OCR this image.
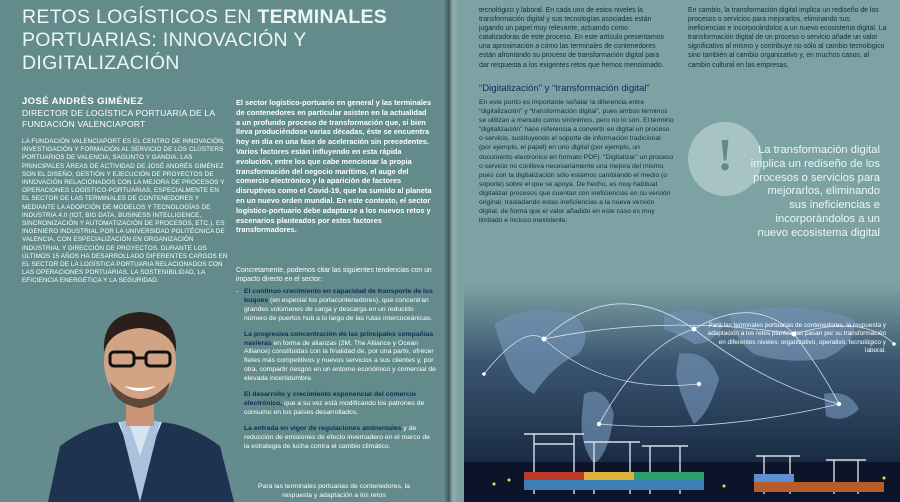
RETOS LOGÍSTICOS EN TERMINALES PORTUARIAS: INNOVACIÓN Y DIGITALIZACIÓN
JOSÉ ANDRÉS GIMÉNEZ
DIRECTOR DE LOGÍSTICA PORTUARIA DE LA FUNDACIÓN VALENCIAPORT
LA FUNDACIÓN VALENCIAPORT ES EL CENTRO DE INNOVACIÓN, INVESTIGACIÓN Y FORMACIÓN AL SERVICIO DE LOS CLÚSTERS PORTUARIOS DE VALENCIA, SAGUNTO Y GANDIA. LAS PRINCIPALES ÁREAS DE ACTIVIDAD DE JOSÉ ANDRÉS GIMÉNEZ SON EL DISEÑO, GESTIÓN Y EJECUCIÓN DE PROYECTOS DE INNOVACIÓN RELACIONADOS CON LA MEJORA DE PROCESOS Y OPERACIONES LOGÍSTICO-PORTUARIAS, ESPECIALMENTE EN EL SECTOR DE LAS TERMINALES DE CONTENEDORES Y MEDIANTE LA ADOPCIÓN DE MODELOS Y TECNOLOGÍAS DE INDUSTRIA 4.0 (IOT, BIG DATA, BUSINESS INTELLIGENCE, SINCRONIZACIÓN Y AUTOMATIZACIÓN DE PROCESOS, ETC.). ES INGENIERO INDUSTRIAL POR LA UNIVERSIDAD POLITÉCNICA DE VALENCIA, CON ESPECIALIZACIÓN EN ORGANIZACIÓN INDUSTRIAL Y DIRECCIÓN DE PROYECTOS. DURANTE LOS ÚLTIMOS 15 AÑOS HA DESARROLLADO DIFERENTES CARGOS EN EL SECTOR DE LA LOGÍSTICA PORTUARIA RELACIONADOS CON LAS OPERACIONES PORTUARIAS, LA SOSTENIBILIDAD, LA EFICIENCIA ENERGÉTICA Y LA SEGURIDAD.
El sector logístico-portuario en general y las terminales de contenedores en particular asisten en la actualidad a un profundo proceso de transformación que, si bien lleva produciéndose varias décadas, éste se encuentra hoy en día en una fase de aceleración sin precedentes. Varios factores están influyendo en esta rápida evolución, entre los que cabe mencionar la propia transformación del negocio marítimo, el auge del comercio electrónico y la aparición de factores disruptivos como el Covid-19, que ha sumido al planeta en un nuevo orden mundial. En este contexto, el sector logístico-portuario debe adaptarse a los nuevos retos y escenarios planteados por estos factores transformadores.
Concretamente, podemos citar las siguientes tendencias con un impacto directo en el sector:
- El continuo crecimiento en capacidad de transporte de los buques (en especial los portacontenedores), que concentran grandes volúmenes de carga y descarga en un reducido número de puertos hub a lo largo de las rutas intercoceánicas.
- La progresiva concentración de las principales compañías navieras en forma de alianzas (2M, The Alliance y Ocean Alliance) constituidas con la finalidad de, por una parte, ofrecer fletes más competitivos y nuevos servicios a sus clientes y, por otra, compartir riesgos en un entorno económico y comercial de elevada incertidumbre.
- El desarrollo y crecimiento exponencial del comercio electrónico, que a su vez está modificando los patrones de consumo en los países desarrollados.
- La entrada en vigor de regulaciones ambientales y de reducción de emisiones de efecto invernadero en el marco de la estrategia de lucha contra el cambio climático.
Para las terminales portuarias de contenedores, la respuesta y adaptación a los retos
tecnológico y laboral. En cada uno de estos niveles la transformación digital y sus tecnologías asociadas están jugando un papel muy relevante, actuando como catalizadoras de este proceso. En este artículo presentamos una aproximación a cómo las terminales de contenedores están afrontando su proceso de transformación digital para dar respuesta a los exigentes retos que hemos mencionado.
“Digitalización” y “transformación digital”
En este punto es importante señalar la diferencia entre “digitalización” y “transformación digital”, pues ambos términos se utilizan a menudo como sinónimos, pero no lo son. El término “digitalización” hace referencia a convertir en digital un proceso o servicio, sustituyendo el soporte de información tradicional (por ejemplo, el papel) en uno digital (por ejemplo, un documento electrónico en formato PDF). “Digitalizar” un proceso o servicio no conlleva necesariamente una mejora del mismo, pues con la digitalización sólo estamos cambiando el medio (o soporte) sobre el que se apoya. De hecho, es muy habitual digitalizar procesos que cuentan con ineficiencias en su versión original, trasladando estas ineficiencias a la nueva versión digital, de forma que el valor añadido en este caso es muy limitado e incluso inexistente.
En cambio, la transformación digital implica un rediseño de los procesos o servicios para mejorarlos, eliminando sus ineficiencias e incorporándolos a un nuevo ecosistema digital. La transformación digital de un proceso o servicio añade un valor significativo al mismo y contribuye no sólo al cambio tecnológico sino también al cambio organizativo y, en muchos casos, al cambio cultural en las empresas.
!	La transformación digital implica un rediseño de los procesos o servicios para mejorarlos, eliminando sus ineficiencias e incorporándolos a un nuevo ecosistema digital
Para las terminales portuarias de contenedores, la respuesta y adaptación a los retos planteados pasan por su transformación en diferentes niveles: organizativo, operativo, tecnológico y laboral.
